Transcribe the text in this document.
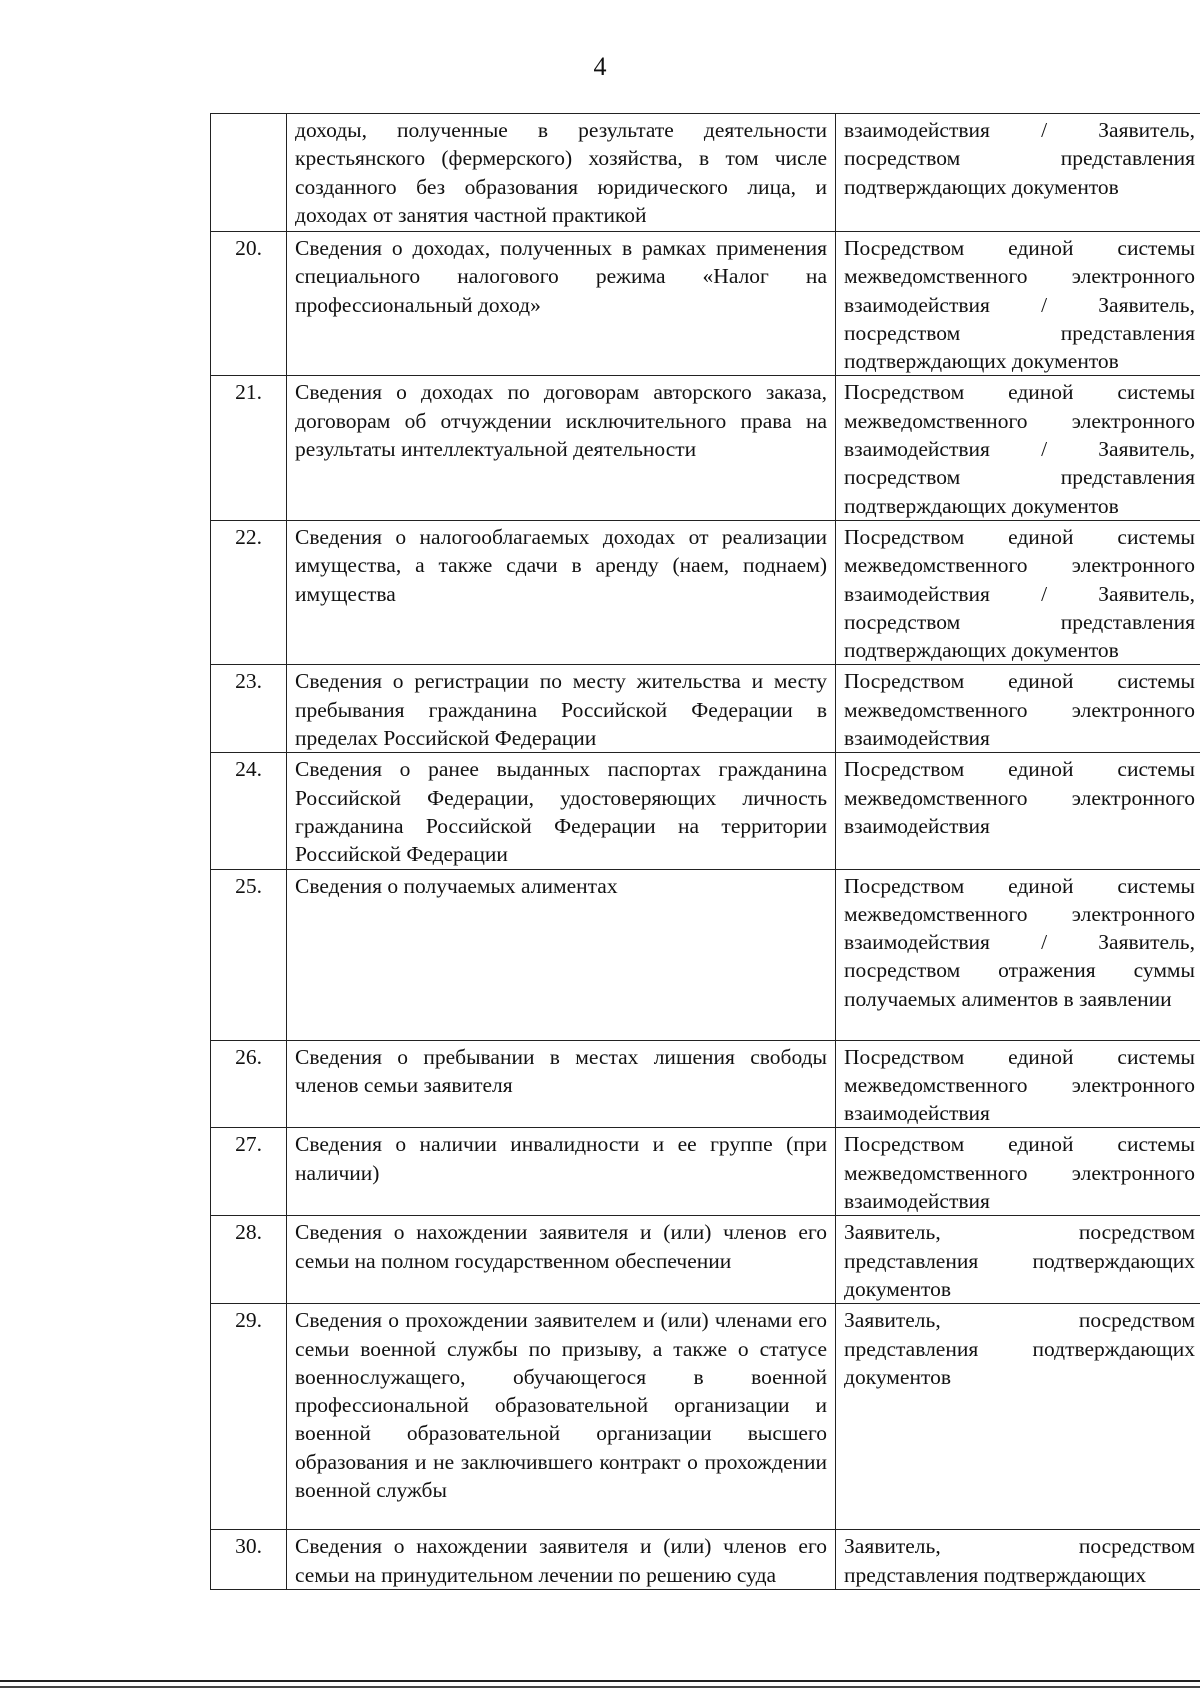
4

	доходы, полученные в результате деятельности крестьянского (фермерского) хозяйства, в том числе созданного без образования юридического лица, и доходах от занятия частной практикой	взаимодействия / Заявитель, посредством представления подтверждающих документов

20.	Сведения о доходах, полученных в рамках применения специального налогового режима «Налог на профессиональный доход»	Посредством единой системы межведомственного электронного взаимодействия / Заявитель, посредством представления подтверждающих документов

21.	Сведения о доходах по договорам авторского заказа, договорам об отчуждении исключительного права на результаты интеллектуальной деятельности	Посредством единой системы межведомственного электронного взаимодействия / Заявитель, посредством представления подтверждающих документов

22.	Сведения о налогооблагаемых доходах от реализации имущества, а также сдачи в аренду (наем, поднаем) имущества	Посредством единой системы межведомственного электронного взаимодействия / Заявитель, посредством представления подтверждающих документов

23.	Сведения о регистрации по месту жительства и месту пребывания гражданина Российской Федерации в пределах Российской Федерации	Посредством единой системы межведомственного электронного взаимодействия

24.	Сведения о ранее выданных паспортах гражданина Российской Федерации, удостоверяющих личность гражданина Российской Федерации на территории Российской Федерации	Посредством единой системы межведомственного электронного взаимодействия

25.	Сведения о получаемых алиментах	Посредством единой системы межведомственного электронного взаимодействия / Заявитель, посредством отражения суммы получаемых алиментов в заявлении

26.	Сведения о пребывании в местах лишения свободы членов семьи заявителя	Посредством единой системы межведомственного электронного взаимодействия

27.	Сведения о наличии инвалидности и ее группе (при наличии)	Посредством единой системы межведомственного электронного взаимодействия

28.	Сведения о нахождении заявителя и (или) членов его семьи на полном государственном обеспечении	Заявитель, посредством представления подтверждающих документов

29.	Сведения о прохождении заявителем и (или) членами его семьи военной службы по призыву, а также о статусе военнослужащего, обучающегося в военной профессиональной образовательной организации и военной образовательной организации высшего образования и не заключившего контракт о прохождении военной службы	Заявитель, посредством представления подтверждающих документов

30.	Сведения о нахождении заявителя и (или) членов его семьи на принудительном лечении по решению суда	Заявитель, посредством представления подтверждающих
